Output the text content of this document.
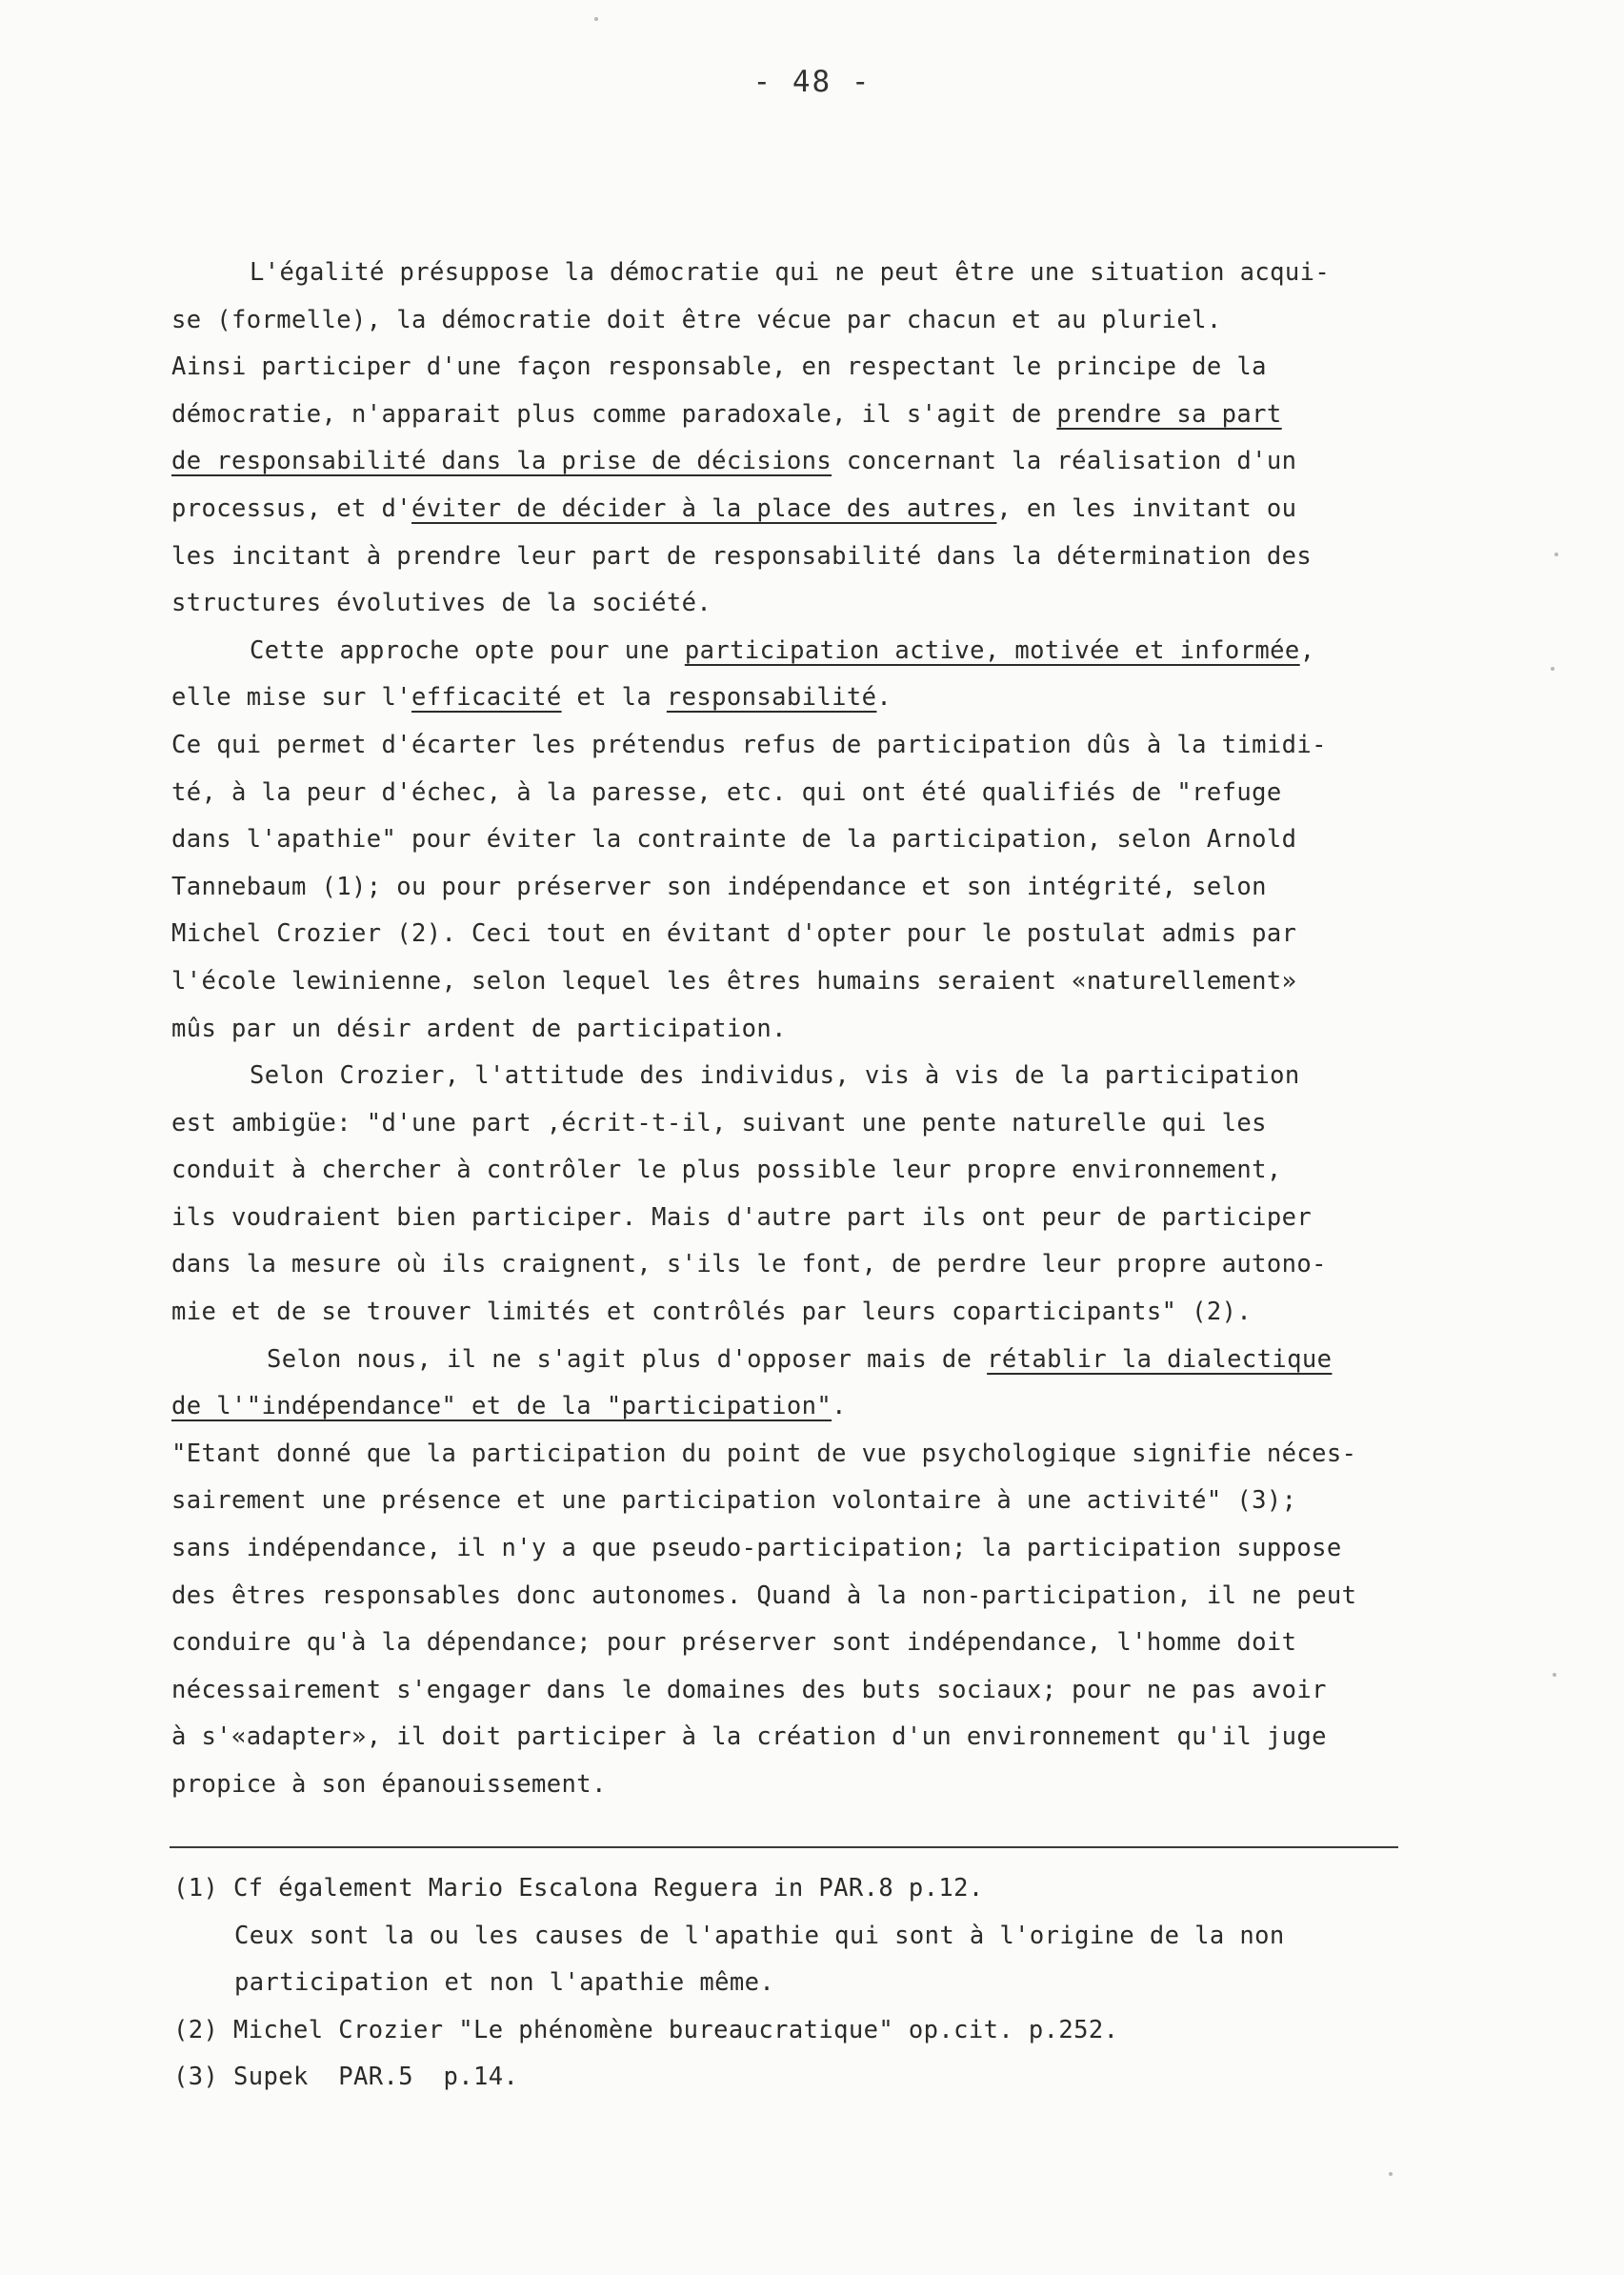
- 48 -
L'égalité présuppose la démocratie qui ne peut être une situation acqui-
se (formelle), la démocratie doit être vécue par chacun et au pluriel.
Ainsi participer d'une façon responsable, en respectant le principe de la
démocratie, n'apparait plus comme paradoxale, il s'agit de prendre sa part
de responsabilité dans la prise de décisions concernant la réalisation d'un
processus, et d'éviter de décider à la place des autres, en les invitant ou
les incitant à prendre leur part de responsabilité dans la détermination des
structures évolutives de la société.
Cette approche opte pour une participation active, motivée et informée,
elle mise sur l'efficacité et la responsabilité.
Ce qui permet d'écarter les prétendus refus de participation dûs à la timidi-
té, à la peur d'échec, à la paresse, etc. qui ont été qualifiés de "refuge
dans l'apathie" pour éviter la contrainte de la participation, selon Arnold
Tannebaum (1); ou pour préserver son indépendance et son intégrité, selon
Michel Crozier (2). Ceci tout en évitant d'opter pour le postulat admis par
l'école lewinienne, selon lequel les êtres humains seraient «naturellement»
mûs par un désir ardent de participation.
Selon Crozier, l'attitude des individus, vis à vis de la participation
est ambigüe: "d'une part ,écrit-t-il, suivant une pente naturelle qui les
conduit à chercher à contrôler le plus possible leur propre environnement,
ils voudraient bien participer. Mais d'autre part ils ont peur de participer
dans la mesure où ils craignent, s'ils le font, de perdre leur propre autono-
mie et de se trouver limités et contrôlés par leurs coparticipants" (2).
Selon nous, il ne s'agit plus d'opposer mais de rétablir la dialectique
de l'"indépendance" et de la "participation".
"Etant donné que la participation du point de vue psychologique signifie néces-
sairement une présence et une participation volontaire à une activité" (3);
sans indépendance, il n'y a que pseudo-participation; la participation suppose
des êtres responsables donc autonomes. Quand à la non-participation, il ne peut
conduire qu'à la dépendance; pour préserver sont indépendance, l'homme doit
nécessairement s'engager dans le domaines des buts sociaux; pour ne pas avoir
à s'«adapter», il doit participer à la création d'un environnement qu'il juge
propice à son épanouissement.
(1) Cf également Mario Escalona Reguera in PAR.8 p.12.
Ceux sont la ou les causes de l'apathie qui sont à l'origine de la non
participation et non l'apathie même.
(2) Michel Crozier "Le phénomène bureaucratique" op.cit. p.252.
(3) Supek  PAR.5  p.14.
